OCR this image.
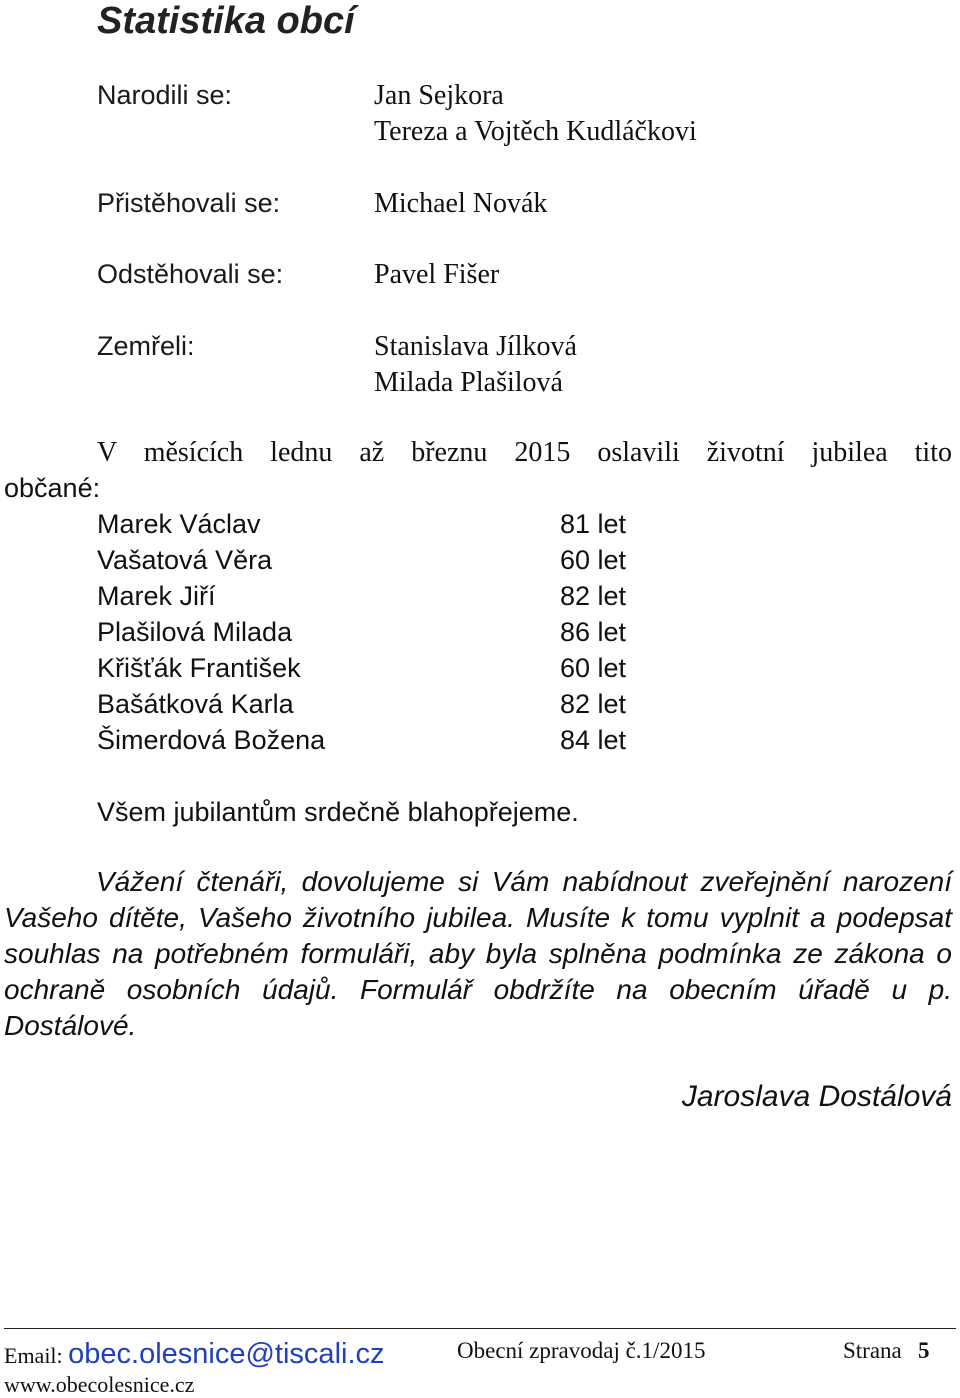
Statistika obcí
Narodili se:	Jan Sejkora
Tereza a Vojtěch Kudláčkovi
Přistěhovali se:	Michael Novák
Odstěhovali se:	Pavel Fišer
Zemřeli:	Stanislava Jílková
Milada Plašilová
V měsících lednu až březnu 2015 oslavili životní jubilea tito
občané:
Marek Václav	81 let
Vašatová Věra	60 let
Marek Jiří	82 let
Plašilová Milada	86 let
Křišťák František	60 let
Bašátková Karla	82 let
Šimerdová Božena	84 let
Všem jubilantům srdečně blahopřejeme.
Vážení čtenáři, dovolujeme si Vám nabídnout zveřejnění narození Vašeho dítěte, Vašeho životního jubilea. Musíte k tomu vyplnit a podepsat souhlas na potřebném formuláři, aby byla splněna podmínka ze zákona o ochraně osobních údajů. Formulář obdržíte na obecním úřadě u p. Dostálové.
Jaroslava Dostálová
Email: obec.olesnice@tiscali.cz
www.obecolesnice.cz
Obecní zpravodaj č.1/2015	Strana 5
